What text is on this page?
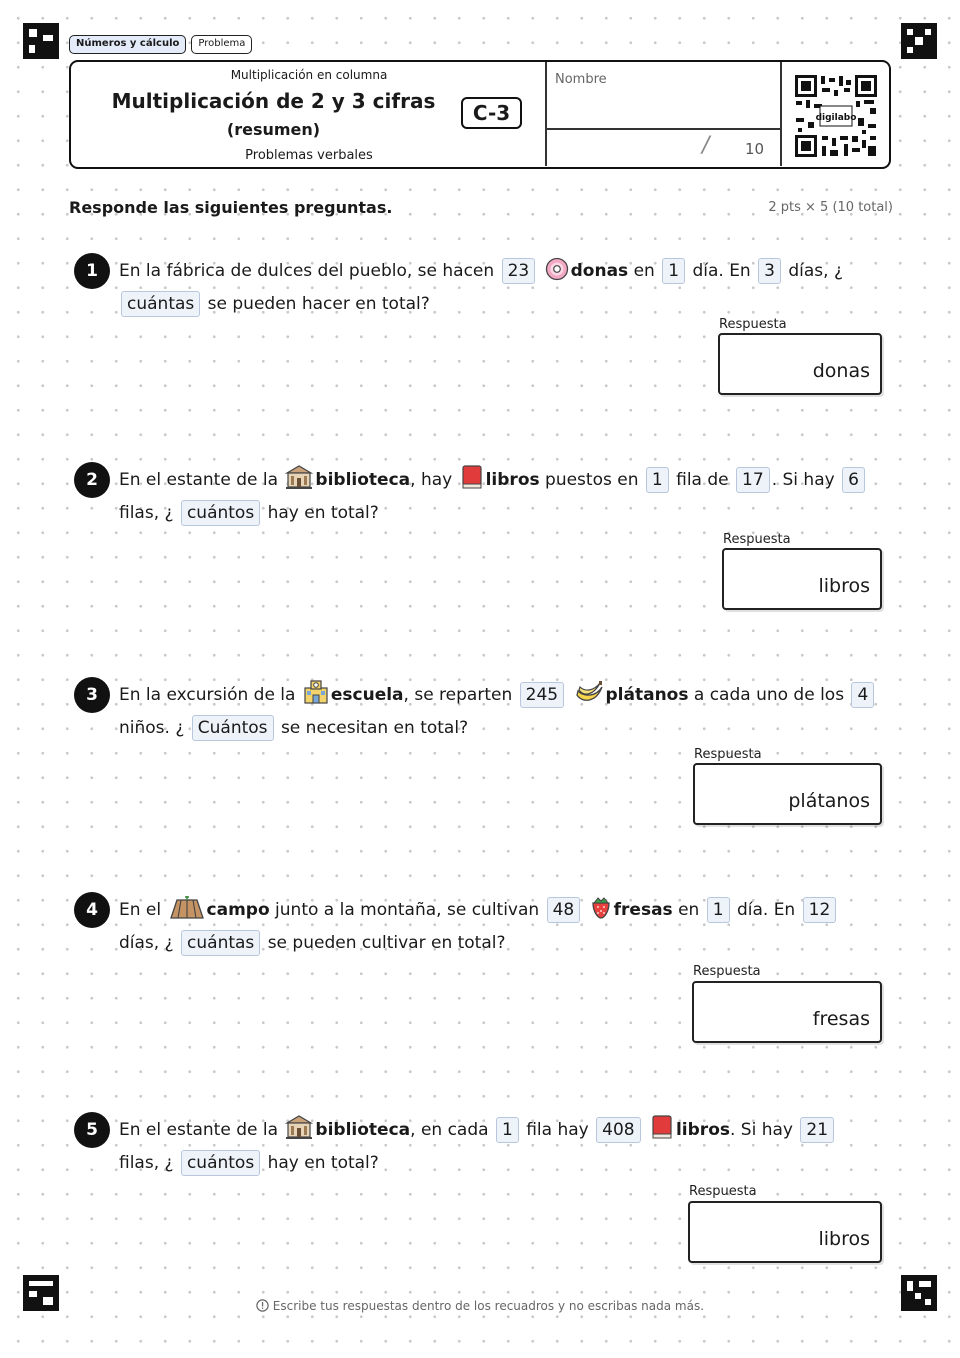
Números y cálculo	Problema
Multiplicación en columna
Multiplicación de 2 y 3 cifras
(resumen)
Problemas verbales
C-3
Nombre
/ 10
digilabo
Responde las siguientes preguntas.	2 pts × 5 (10 total)
1	En la fábrica de dulces del pueblo, se hacen 23 donas en 1 día. En 3 días, ¿cuántas se pueden hacer en total?
Respuesta
donas
2	En el estante de la biblioteca, hay libros puestos en 1 fila de 17 . Si hay 6 filas, ¿ cuántos hay en total?
Respuesta
libros
3	En la excursión de la escuela, se reparten 245	plátanos a cada uno de los 4 niños. ¿ Cuántos se necesitan en total?
Respuesta
plátanos
4	En el	campo junto a la montaña, se cultivan 48 fresas en 1 día. En 12 días, ¿ cuántas se pueden cultivar en total?
Respuesta
fresas
5	En el estante de la biblioteca, en cada 1 fila hay 408 libros. Si hay 21 filas, ¿ cuántos hay en total?
Respuesta
libros
Escribe tus respuestas dentro de los recuadros y no escribas nada más.
